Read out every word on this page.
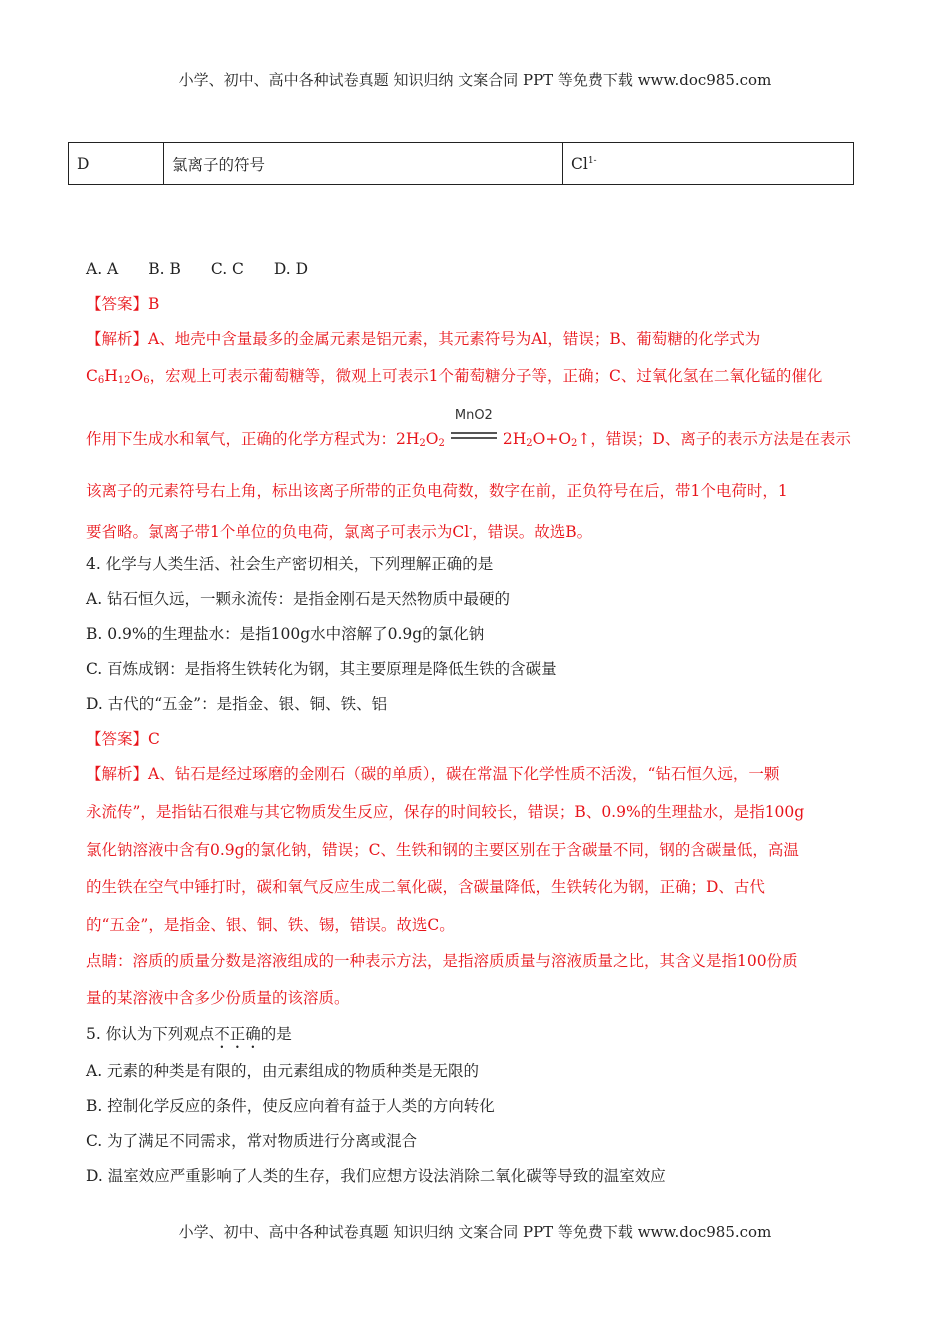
小学、初中、高中各种试卷真题 知识归纳 文案合同 PPT 等免费下载 www.doc985.com
D	氯离子的符号	$Cl^{1-}$
A. A B. B C. C D. D
【答案】B
【解析】A、地壳中含量最多的金属元素是铝元素，其元素符号为Al，错误；B、葡萄糖的化学式为
$C_6H_{12}O_6$，宏观上可表示葡萄糖等，微观上可表示1个葡萄糖分子等，正确；C、过氧化氢在二氧化锰的催化
作用下生成水和氧气，正确的化学方程式为：$2H_2O_2$
MnO2
$2H_2O+O_2↑$，错误；D、离子的表示方法是在表示
该离子的元素符号右上角，标出该离子所带的正负电荷数，数字在前，正负符号在后，带1个电荷时，1
要省略。氯离子带1个单位的负电荷，氯离子可表示为Cl-，错误。故选B。
4. 化学与人类生活、社会生产密切相关，下列理解正确的是
A. 钻石恒久远，一颗永流传：是指金刚石是天然物质中最硬的
B. 0.9%的生理盐水：是指100g水中溶解了0.9g的氯化钠
C. 百炼成钢：是指将生铁转化为钢，其主要原理是降低生铁的含碳量
D. 古代的“五金”：是指金、银、铜、铁、铝
【答案】C
【解析】A、钻石是经过琢磨的金刚石（碳的单质），碳在常温下化学性质不活泼，“钻石恒久远，一颗
永流传”，是指钻石很难与其它物质发生反应，保存的时间较长，错误；B、0.9%的生理盐水，是指100g
氯化钠溶液中含有0.9g的氯化钠，错误；C、生铁和钢的主要区别在于含碳量不同，钢的含碳量低，高温
的生铁在空气中锤打时，碳和氧气反应生成二氧化碳，含碳量降低，生铁转化为钢，正确；D、古代
的“五金”，是指金、银、铜、铁、锡，错误。故选C。
点睛：溶质的质量分数是溶液组成的一种表示方法，是指溶质质量与溶液质量之比，其含义是指100份质
量的某溶液中含多少份质量的该溶质。
5. 你认为下列观点不正确的是
A. 元素的种类是有限的，由元素组成的物质种类是无限的
B. 控制化学反应的条件，使反应向着有益于人类的方向转化
C. 为了满足不同需求，常对物质进行分离或混合
D. 温室效应严重影响了人类的生存，我们应想方设法消除二氧化碳等导致的温室效应
小学、初中、高中各种试卷真题 知识归纳 文案合同 PPT 等免费下载 www.doc985.com
